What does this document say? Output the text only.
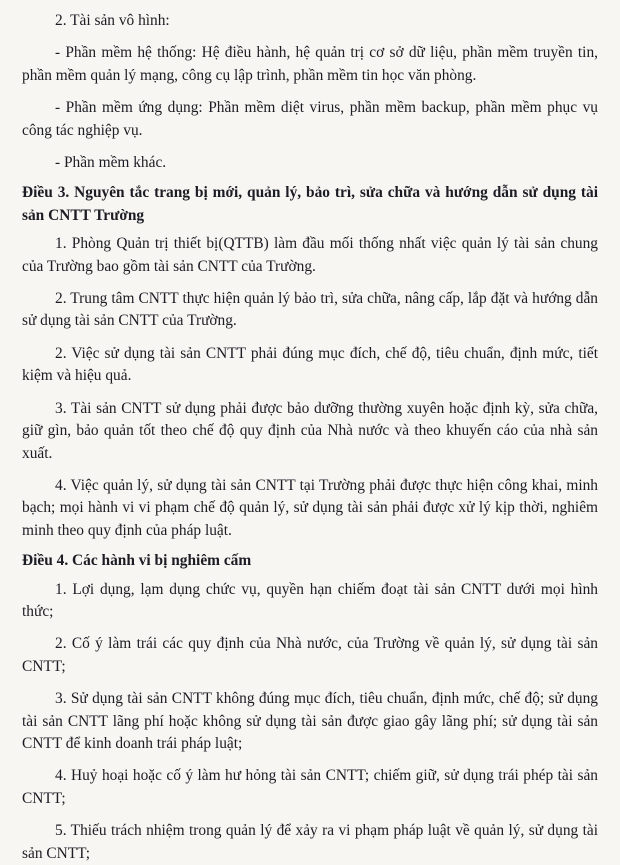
2. Tài sản vô hình:

- Phần mềm hệ thống: Hệ điều hành, hệ quản trị cơ sở dữ liệu, phần mềm truyền tin, phần mềm quản lý mạng, công cụ lập trình, phần mềm tin học văn phòng.

- Phần mềm ứng dụng: Phần mềm diệt virus, phần mềm backup, phần mềm phục vụ công tác nghiệp vụ.

- Phần mềm khác.

Điều 3. Nguyên tắc trang bị mới, quản lý, bảo trì, sửa chữa và hướng dẫn sử dụng tài sản CNTT Trường

1. Phòng Quản trị thiết bị(QTTB) làm đầu mối thống nhất việc quản lý tài sản chung của Trường bao gồm tài sản CNTT của Trường.

2. Trung tâm CNTT thực hiện quản lý bảo trì, sửa chữa, nâng cấp, lắp đặt và hướng dẫn sử dụng tài sản CNTT của Trường.

2. Việc sử dụng tài sản CNTT phải đúng mục đích, chế độ, tiêu chuẩn, định mức, tiết kiệm và hiệu quả.

3. Tài sản CNTT sử dụng phải được bảo dưỡng thường xuyên hoặc định kỳ, sửa chữa, giữ gìn, bảo quản tốt theo chế độ quy định của Nhà nước và theo khuyến cáo của nhà sản xuất.

4. Việc quản lý, sử dụng tài sản CNTT tại Trường phải được thực hiện công khai, minh bạch; mọi hành vi vi phạm chế độ quản lý, sử dụng tài sản phải được xử lý kịp thời, nghiêm minh theo quy định của pháp luật.

Điều 4. Các hành vi bị nghiêm cấm

1. Lợi dụng, lạm dụng chức vụ, quyền hạn chiếm đoạt tài sản CNTT dưới mọi hình thức;

2. Cố ý làm trái các quy định của Nhà nước, của Trường về quản lý, sử dụng tài sản CNTT;

3. Sử dụng tài sản CNTT không đúng mục đích, tiêu chuẩn, định mức, chế độ; sử dụng tài sản CNTT lãng phí hoặc không sử dụng tài sản được giao gây lãng phí; sử dụng tài sản CNTT để kinh doanh trái pháp luật;

4. Huỷ hoại hoặc cố ý làm hư hỏng tài sản CNTT; chiếm giữ, sử dụng trái phép tài sản CNTT;

5. Thiếu trách nhiệm trong quản lý để xảy ra vi phạm pháp luật về quản lý, sử dụng tài sản CNTT;
